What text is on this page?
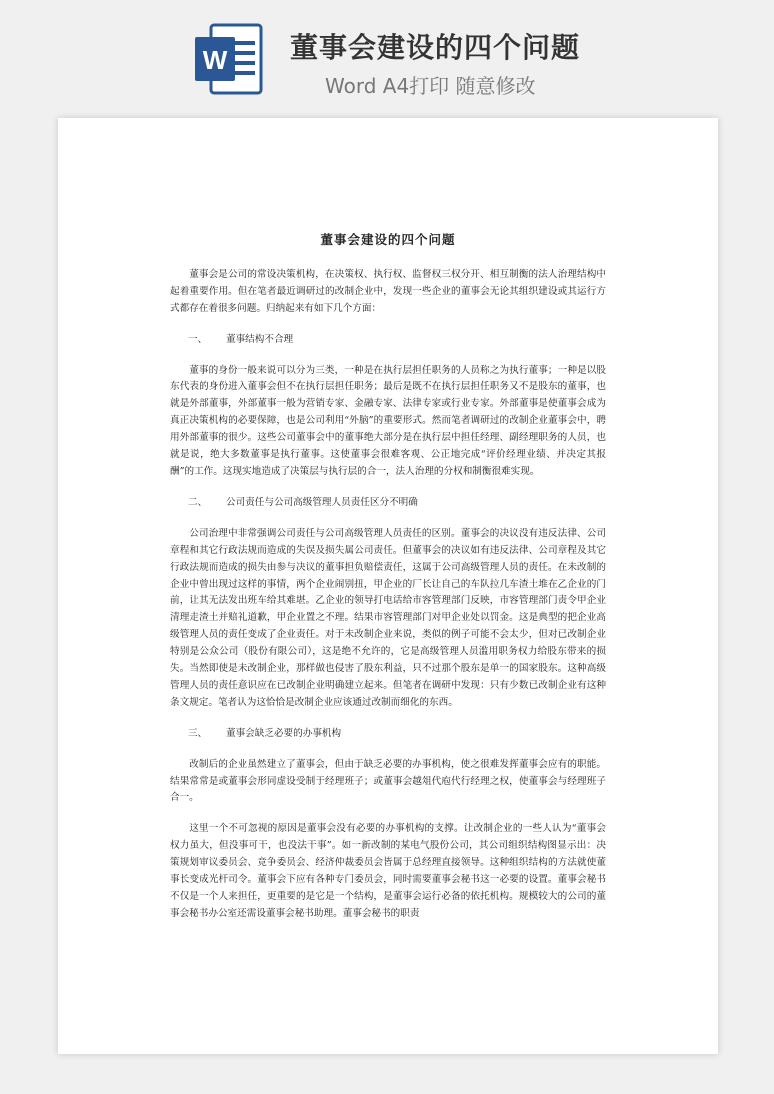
W 董事会建设的四个问题
Word A4打印 随意修改
董事会建设的四个问题

董事会是公司的常设决策机构，在决策权、执行权、监督权三权分开、相互制衡的法人治理结构中起着重要作用。但在笔者最近调研过的改制企业中，发现一些企业的董事会无论其组织建设或其运行方式都存在着很多问题。归纳起来有如下几个方面：

一、 董事结构不合理

董事的身份一般来说可以分为三类，一种是在执行层担任职务的人员称之为执行董事；一种是以股东代表的身份进入董事会但不在执行层担任职务；最后是既不在执行层担任职务又不是股东的董事，也就是外部董事，外部董事一般为营销专家、金融专家、法律专家或行业专家。外部董事是使董事会成为真正决策机构的必要保障，也是公司利用“外脑”的重要形式。然而笔者调研过的改制企业董事会中，聘用外部董事的很少。这些公司董事会中的董事绝大部分是在执行层中担任经理、副经理职务的人员，也就是说，绝大多数董事是执行董事。这使董事会很难客观、公正地完成“评价经理业绩、并决定其报酬”的工作。这现实地造成了决策层与执行层的合一，法人治理的分权和制衡很难实现。

二、 公司责任与公司高级管理人员责任区分不明确

公司治理中非常强调公司责任与公司高级管理人员责任的区别。董事会的决议没有违反法律、公司章程和其它行政法规而造成的失误及损失属公司责任。但董事会的决议如有违反法律、公司章程及其它行政法规而造成的损失由参与决议的董事担负赔偿责任，这属于公司高级管理人员的责任。在未改制的企业中曾出现过这样的事情，两个企业闹别扭，甲企业的厂长让自己的车队拉几车渣土堆在乙企业的门前，让其无法发出班车给其难堪。乙企业的领导打电话给市容管理部门反映，市容管理部门责令甲企业清理走渣土并赔礼道歉，甲企业置之不理。结果市容管理部门对甲企业处以罚金。这是典型的把企业高级管理人员的责任变成了企业责任。对于未改制企业来说，类似的例子可能不会太少，但对已改制企业特别是公众公司（股份有限公司），这是绝不允许的，它是高级管理人员滥用职务权力给股东带来的损失。当然即使是未改制企业，那样做也侵害了股东利益，只不过那个股东是单一的国家股东。这种高级管理人员的责任意识应在已改制企业明确建立起来。但笔者在调研中发现：只有少数已改制企业有这种条文规定。笔者认为这恰恰是改制企业应该通过改制而细化的东西。

三、 董事会缺乏必要的办事机构

改制后的企业虽然建立了董事会，但由于缺乏必要的办事机构，使之很难发挥董事会应有的职能。结果常常是或董事会形同虚设受制于经理班子；或董事会越俎代庖代行经理之权，使董事会与经理班子合一。

这里一个不可忽视的原因是董事会没有必要的办事机构的支撑。让改制企业的一些人认为“董事会权力虽大，但没事可干，也没法干事”。如一新改制的某电气股份公司，其公司组织结构图显示出：决策规划审议委员会、竞争委员会、经济仲裁委员会皆属于总经理直接领导。这种组织结构的方法就使董事长变成光杆司令。董事会下应有各种专门委员会，同时需要董事会秘书这一必要的设置。董事会秘书不仅是一个人来担任，更重要的是它是一个结构，是董事会运行必备的依托机构。规模较大的公司的董事会秘书办公室还需设董事会秘书助理。董事会秘书的职责
